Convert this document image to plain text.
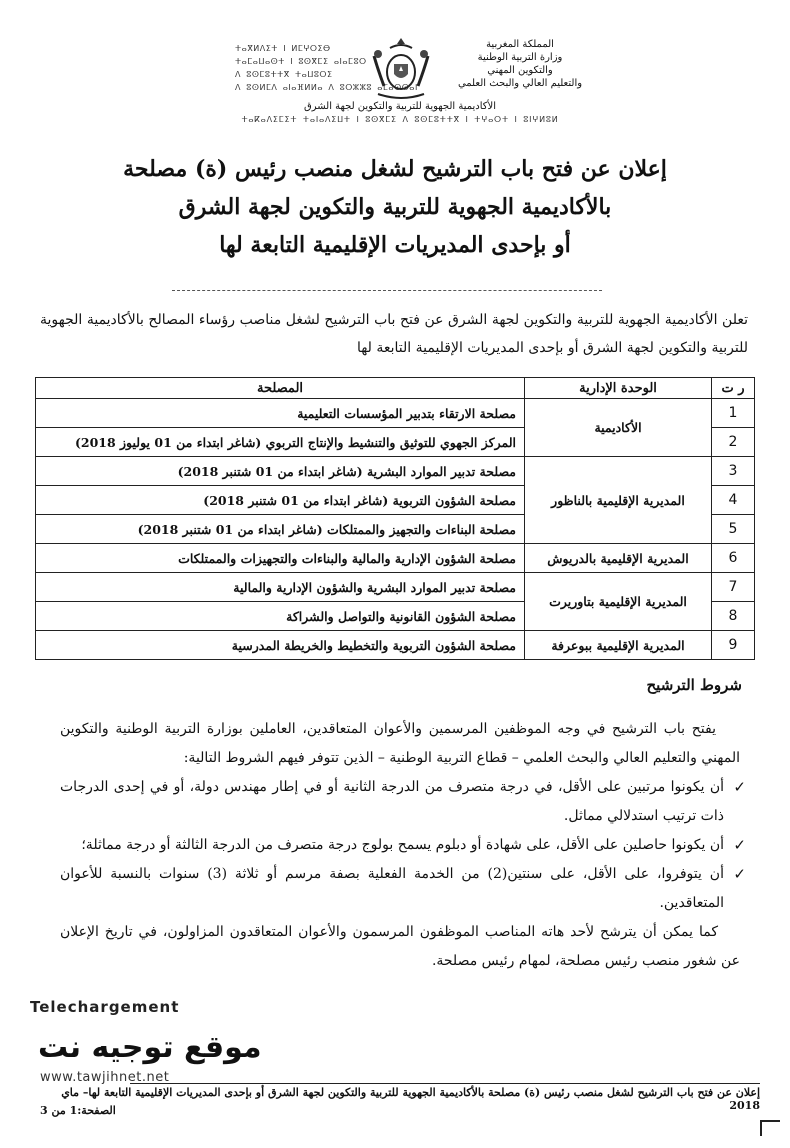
المملكة المغربية
وزارة التربية الوطنية
والتكوين المهني
والتعليم العالي والبحث العلمي
ⵜⴰⴳⵍⴷⵉⵜ ⵏ ⵍⵎⵖⵔⵉⴱ
ⵜⴰⵎⴰⵡⴰⵙⵜ ⵏ ⵓⵙⴳⵎⵉ ⴰⵏⴰⵎⵓⵔ
ⴷ ⵓⵙⵎⵓⵜⵜⴳ ⵜⴰⵡⵓⵔⵉ
ⴷ ⵓⵙⵍⵎⴷ ⴰⵏⴰⴼⵍⵍⴰ ⴷ ⵓⵔⵣⵣⵓ ⴰⵎⴰⵙⵙⴰⵏ
الأكاديمية الجهوية للتربية والتكوين لجهة الشرق
ⵜⴰⴽⴰⴷⵉⵎⵉⵜ ⵜⴰⵏⴰⴷⵉⵡⵜ ⵏ ⵓⵙⴳⵎⵉ ⴷ ⵓⵙⵎⵓⵜⵜⴳ ⵏ ⵜⵖⴰⵔⵜ ⵏ ⵓⵏⵖⵍⵓⵍ
إعلان عن فتح باب الترشيح لشغل منصب رئيس (ة) مصلحة
بالأكاديمية الجهوية للتربية والتكوين لجهة الشرق
أو بإحدى المديريات الإقليمية التابعة لها
تعلن الأكاديمية الجهوية للتربية والتكوين لجهة الشرق عن فتح باب الترشيح لشغل مناصب رؤساء المصالح بالأكاديمية الجهوية للتربية والتكوين لجهة الشرق أو بإحدى المديريات الإقليمية التابعة لها
ر ت	الوحدة الإدارية	المصلحة
1	الأكاديمية	مصلحة الارتقاء بتدبير المؤسسات التعليمية
2		المركز الجهوي للتوثيق والتنشيط والإنتاج التربوي (شاغر ابتداء من 01 يوليوز 2018)
3	المديرية الإقليمية بالناظور	مصلحة تدبير الموارد البشرية (شاغر ابتداء من 01 شتنبر 2018)
4		مصلحة الشؤون التربوية (شاغر ابتداء من 01 شتنبر 2018)
5		مصلحة البناءات والتجهيز والممتلكات (شاغر ابتداء من 01 شتنبر 2018)
6	المديرية الإقليمية بالدريوش	مصلحة الشؤون الإدارية والمالية والبناءات والتجهيزات والممتلكات
7	المديرية الإقليمية بتاوريرت	مصلحة تدبير الموارد البشرية والشؤون الإدارية والمالية
8		مصلحة الشؤون القانونية والتواصل والشراكة
9	المديرية الإقليمية ببوعرفة	مصلحة الشؤون التربوية والتخطيط والخريطة المدرسية
شروط الترشيح

يفتح باب الترشيح في وجه الموظفين المرسمين والأعوان المتعاقدين، العاملين بوزارة التربية الوطنية والتكوين المهني والتعليم العالي والبحث العلمي – قطاع التربية الوطنية – الذين تتوفر فيهم الشروط التالية:

✓
أن يكونوا مرتبين على الأقل، في درجة متصرف من الدرجة الثانية أو في إطار مهندس دولة، أو في إحدى الدرجات ذات ترتيب استدلالي مماثل.
✓
أن يكونوا حاصلين على الأقل، على شهادة أو دبلوم يسمح بولوج درجة متصرف من الدرجة الثالثة أو درجة مماثلة؛
✓
أن يتوفروا، على الأقل، على سنتين(2) من الخدمة الفعلية بصفة مرسم أو ثلاثة (3) سنوات بالنسبة للأعوان المتعاقدين.

كما يمكن أن يترشح لأحد هاته المناصب الموظفون المرسمون والأعوان المتعاقدون المزاولون، في تاريخ الإعلان عن شغور منصب رئيس مصلحة، لمهام رئيس مصلحة.

Telechargement
موقع توجيه نت
www.tawjihnet.net
إعلان عن فتح باب الترشيح لشغل منصب رئيس (ة) مصلحة بالأكاديمية الجهوية للتربية والتكوين لجهة الشرق أو بإحدى المديريات الإقليمية التابعة لها– ماي 2018
الصفحة:1 من 3
